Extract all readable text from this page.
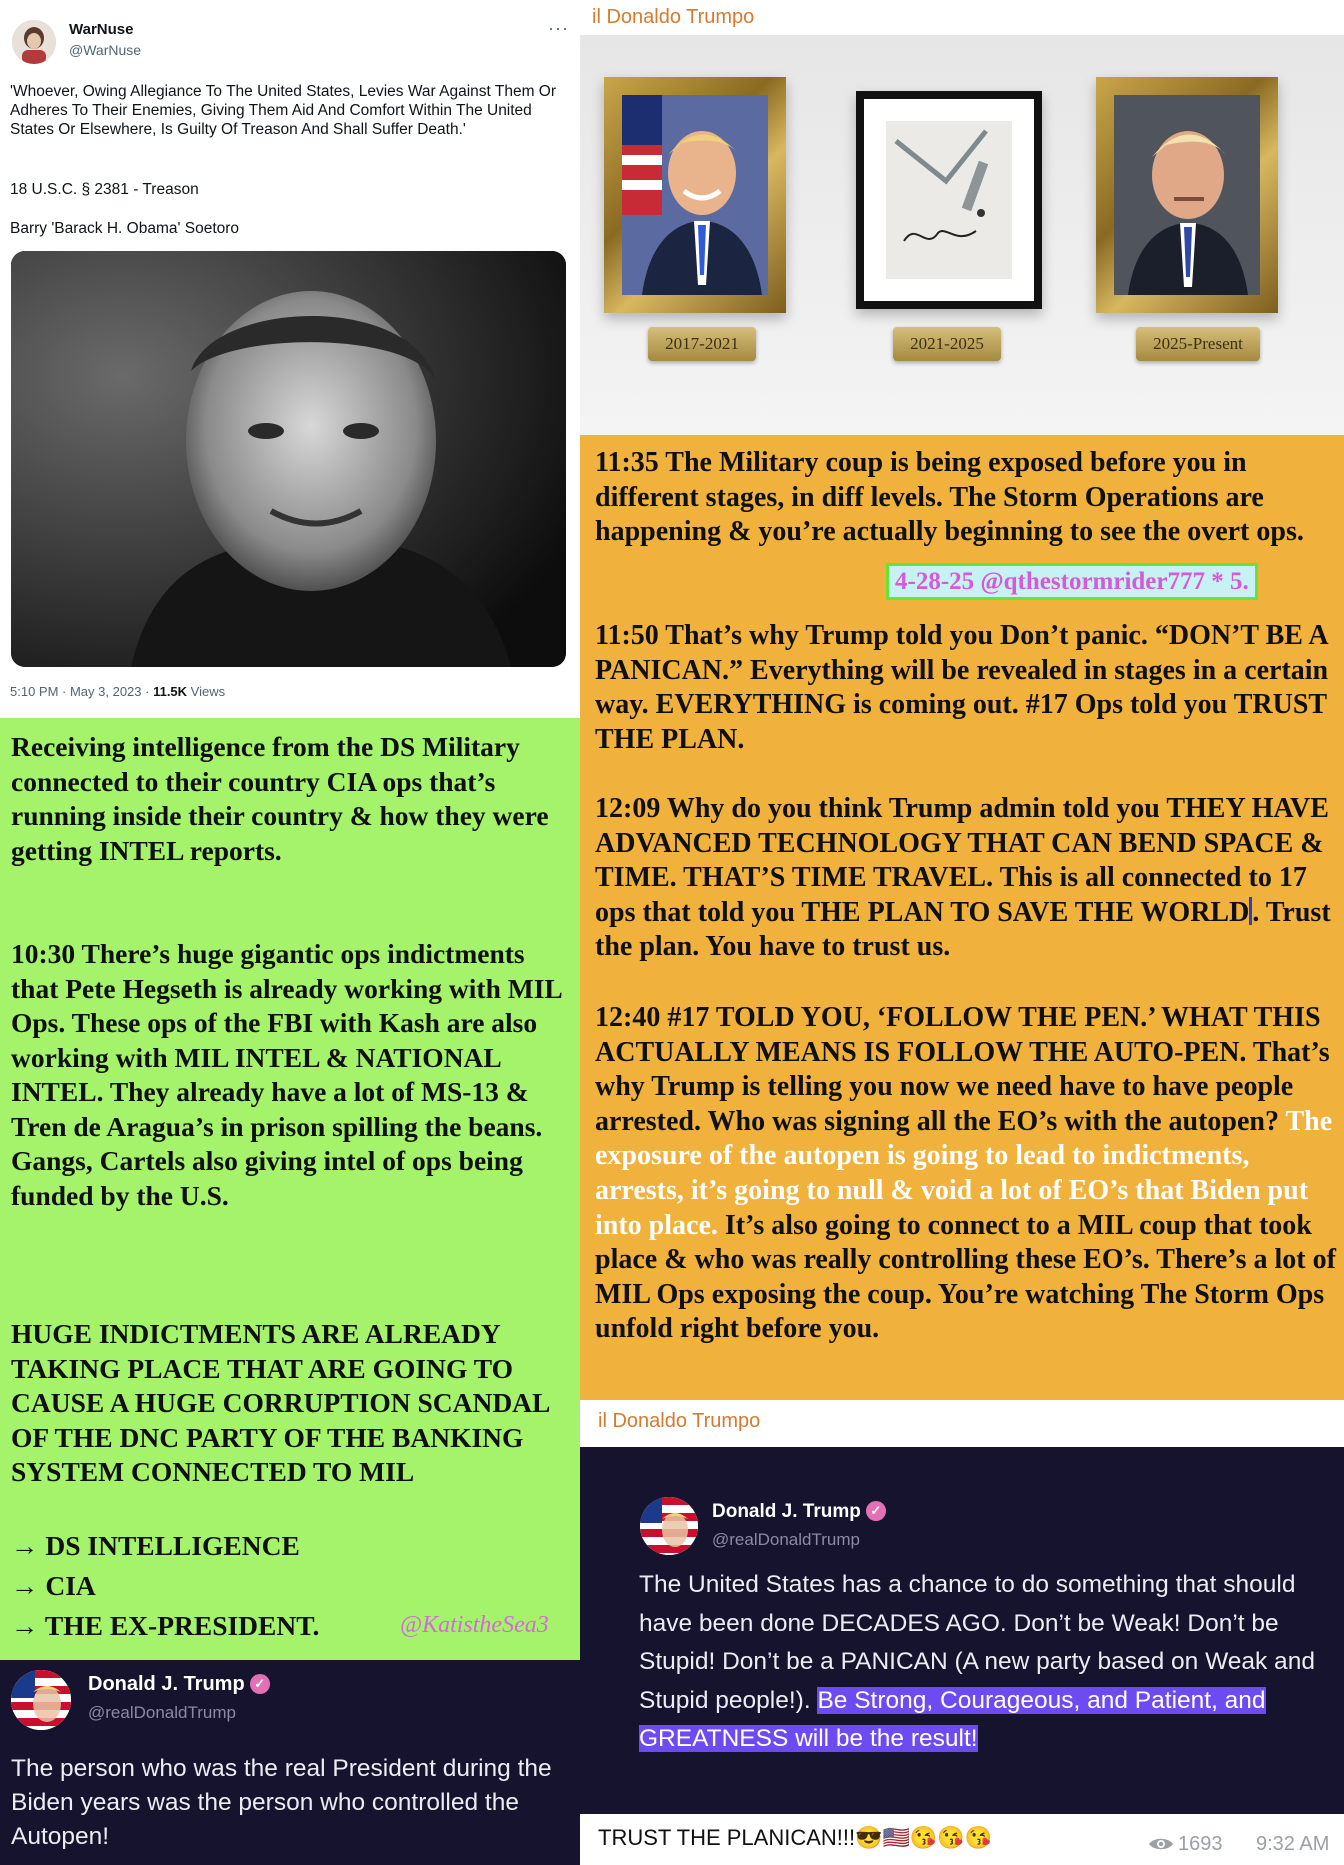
WarNuse
@WarNuse
···
'Whoever, Owing Allegiance To The United States, Levies War Against Them Or Adheres To Their Enemies, Giving Them Aid And Comfort Within The United States Or Elsewhere, Is Guilty Of Treason And Shall Suffer Death.'
18 U.S.C. § 2381 - Treason
Barry 'Barack H. Obama' Soetoro
5:10 PM · May 3, 2023 · 11.5K Views
Receiving intelligence from the DS Military connected to their country CIA ops that’s running inside their country & how they were getting INTEL reports.
10:30 There’s huge gigantic ops indictments that Pete Hegseth is already working with MIL Ops. These ops of the FBI with Kash are also working with MIL INTEL & NATIONAL INTEL. They already have a lot of MS-13 & Tren de Aragua’s in prison spilling the beans. Gangs, Cartels also giving intel of ops being funded by the U.S.
HUGE INDICTMENTS ARE ALREADY TAKING PLACE THAT ARE GOING TO CAUSE A HUGE CORRUPTION SCANDAL OF THE DNC PARTY OF THE BANKING SYSTEM CONNECTED TO MIL
→ DS INTELLIGENCE
→ CIA
→ THE EX-PRESIDENT.	@KatistheSea3
Donald J. Trump ✓
@realDonaldTrump
The person who was the real President during the Biden years was the person who controlled the Autopen!
il Donaldo Trumpo
2017-2021	2021-2025	2025-Present
11:35 The Military coup is being exposed before you in different stages, in diff levels. The Storm Operations are happening & you’re actually beginning to see the overt ops.
4-28-25 @qthestormrider777 * 5.
11:50 That’s why Trump told you Don’t panic. “DON’T BE A PANICAN.” Everything will be revealed in stages in a certain way. EVERYTHING is coming out. #17 Ops told you TRUST THE PLAN.
12:09 Why do you think Trump admin told you THEY HAVE ADVANCED TECHNOLOGY THAT CAN BEND SPACE & TIME. THAT’S TIME TRAVEL. This is all connected to 17 ops that told you THE PLAN TO SAVE THE WORLD . Trust the plan. You have to trust us.
12:40 #17 TOLD YOU, ‘FOLLOW THE PEN.’ WHAT THIS ACTUALLY MEANS IS FOLLOW THE AUTO-PEN. That’s why Trump is telling you now we need have to have people arrested. Who was signing all the EO’s with the autopen? The exposure of the autopen is going to lead to indictments, arrests, it’s going to null & void a lot of EO’s that Biden put into place. It’s also going to connect to a MIL coup that took place & who was really controlling these EO’s. There’s a lot of MIL Ops exposing the coup. You’re watching The Storm Ops unfold right before you.
il Donaldo Trumpo
Donald J. Trump ✓
@realDonaldTrump
The United States has a chance to do something that should have been done DECADES AGO. Don’t be Weak! Don’t be Stupid! Don’t be a PANICAN (A new party based on Weak and Stupid people!). Be Strong, Courageous, and Patient, and GREATNESS will be the result!
TRUST THE PLANICAN!!!😎🇺🇸😘😘😘	1693 9:32 AM
